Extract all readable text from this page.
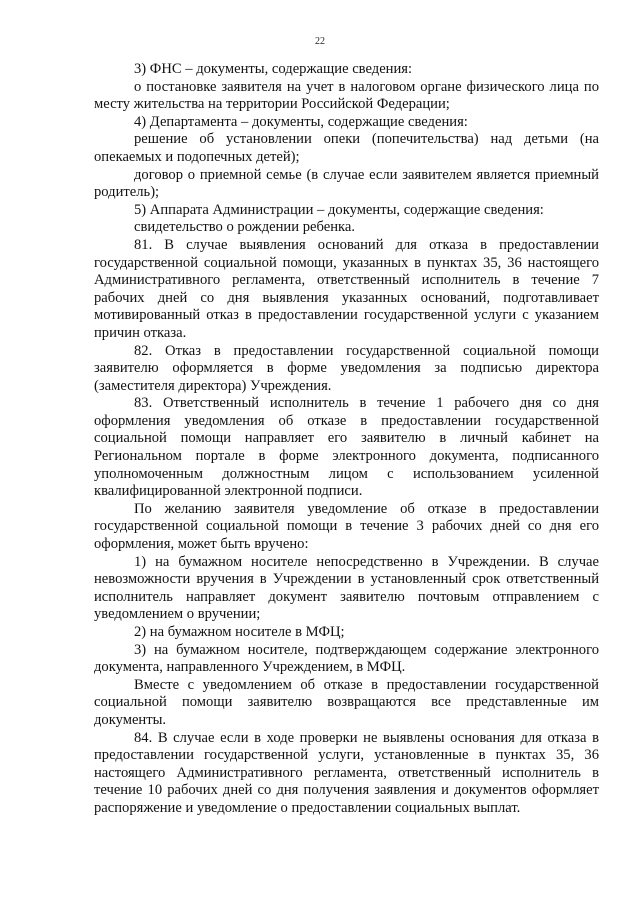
22

3) ФНС – документы, содержащие сведения:

о постановке заявителя на учет в налоговом органе физического лица по месту жительства на территории Российской Федерации;

4) Департамента – документы, содержащие сведения:

решение об установлении опеки (попечительства) над детьми (на опекаемых и подопечных детей);

договор о приемной семье (в случае если заявителем является приемный родитель);

5) Аппарата Администрации – документы, содержащие сведения:

свидетельство о рождении ребенка.

81. В случае выявления оснований для отказа в предоставлении государственной социальной помощи, указанных в пунктах 35, 36 настоящего Административного регламента, ответственный исполнитель в течение 7 рабочих дней со дня выявления указанных оснований, подготавливает мотивированный отказ в предоставлении государственной услуги с указанием причин отказа.

82. Отказ в предоставлении государственной социальной помощи заявителю оформляется в форме уведомления за подписью директора (заместителя директора) Учреждения.

83. Ответственный исполнитель в течение 1 рабочего дня со дня оформления уведомления об отказе в предоставлении государственной социальной помощи направляет его заявителю в личный кабинет на Региональном портале в форме электронного документа, подписанного уполномоченным должностным лицом с использованием усиленной квалифицированной электронной подписи.

По желанию заявителя уведомление об отказе в предоставлении государственной социальной помощи в течение 3 рабочих дней со дня его оформления, может быть вручено:

1) на бумажном носителе непосредственно в Учреждении. В случае невозможности вручения в Учреждении в установленный срок ответственный исполнитель направляет документ заявителю почтовым отправлением с уведомлением о вручении;

2) на бумажном носителе в МФЦ;

3) на бумажном носителе, подтверждающем содержание электронного документа, направленного Учреждением, в МФЦ.

Вместе с уведомлением об отказе в предоставлении государственной социальной помощи заявителю возвращаются все представленные им документы.

84. В случае если в ходе проверки не выявлены основания для отказа в предоставлении государственной услуги, установленные в пунктах 35, 36 настоящего Административного регламента, ответственный исполнитель в течение 10 рабочих дней со дня получения заявления и документов оформляет распоряжение и уведомление о предоставлении социальных выплат.
